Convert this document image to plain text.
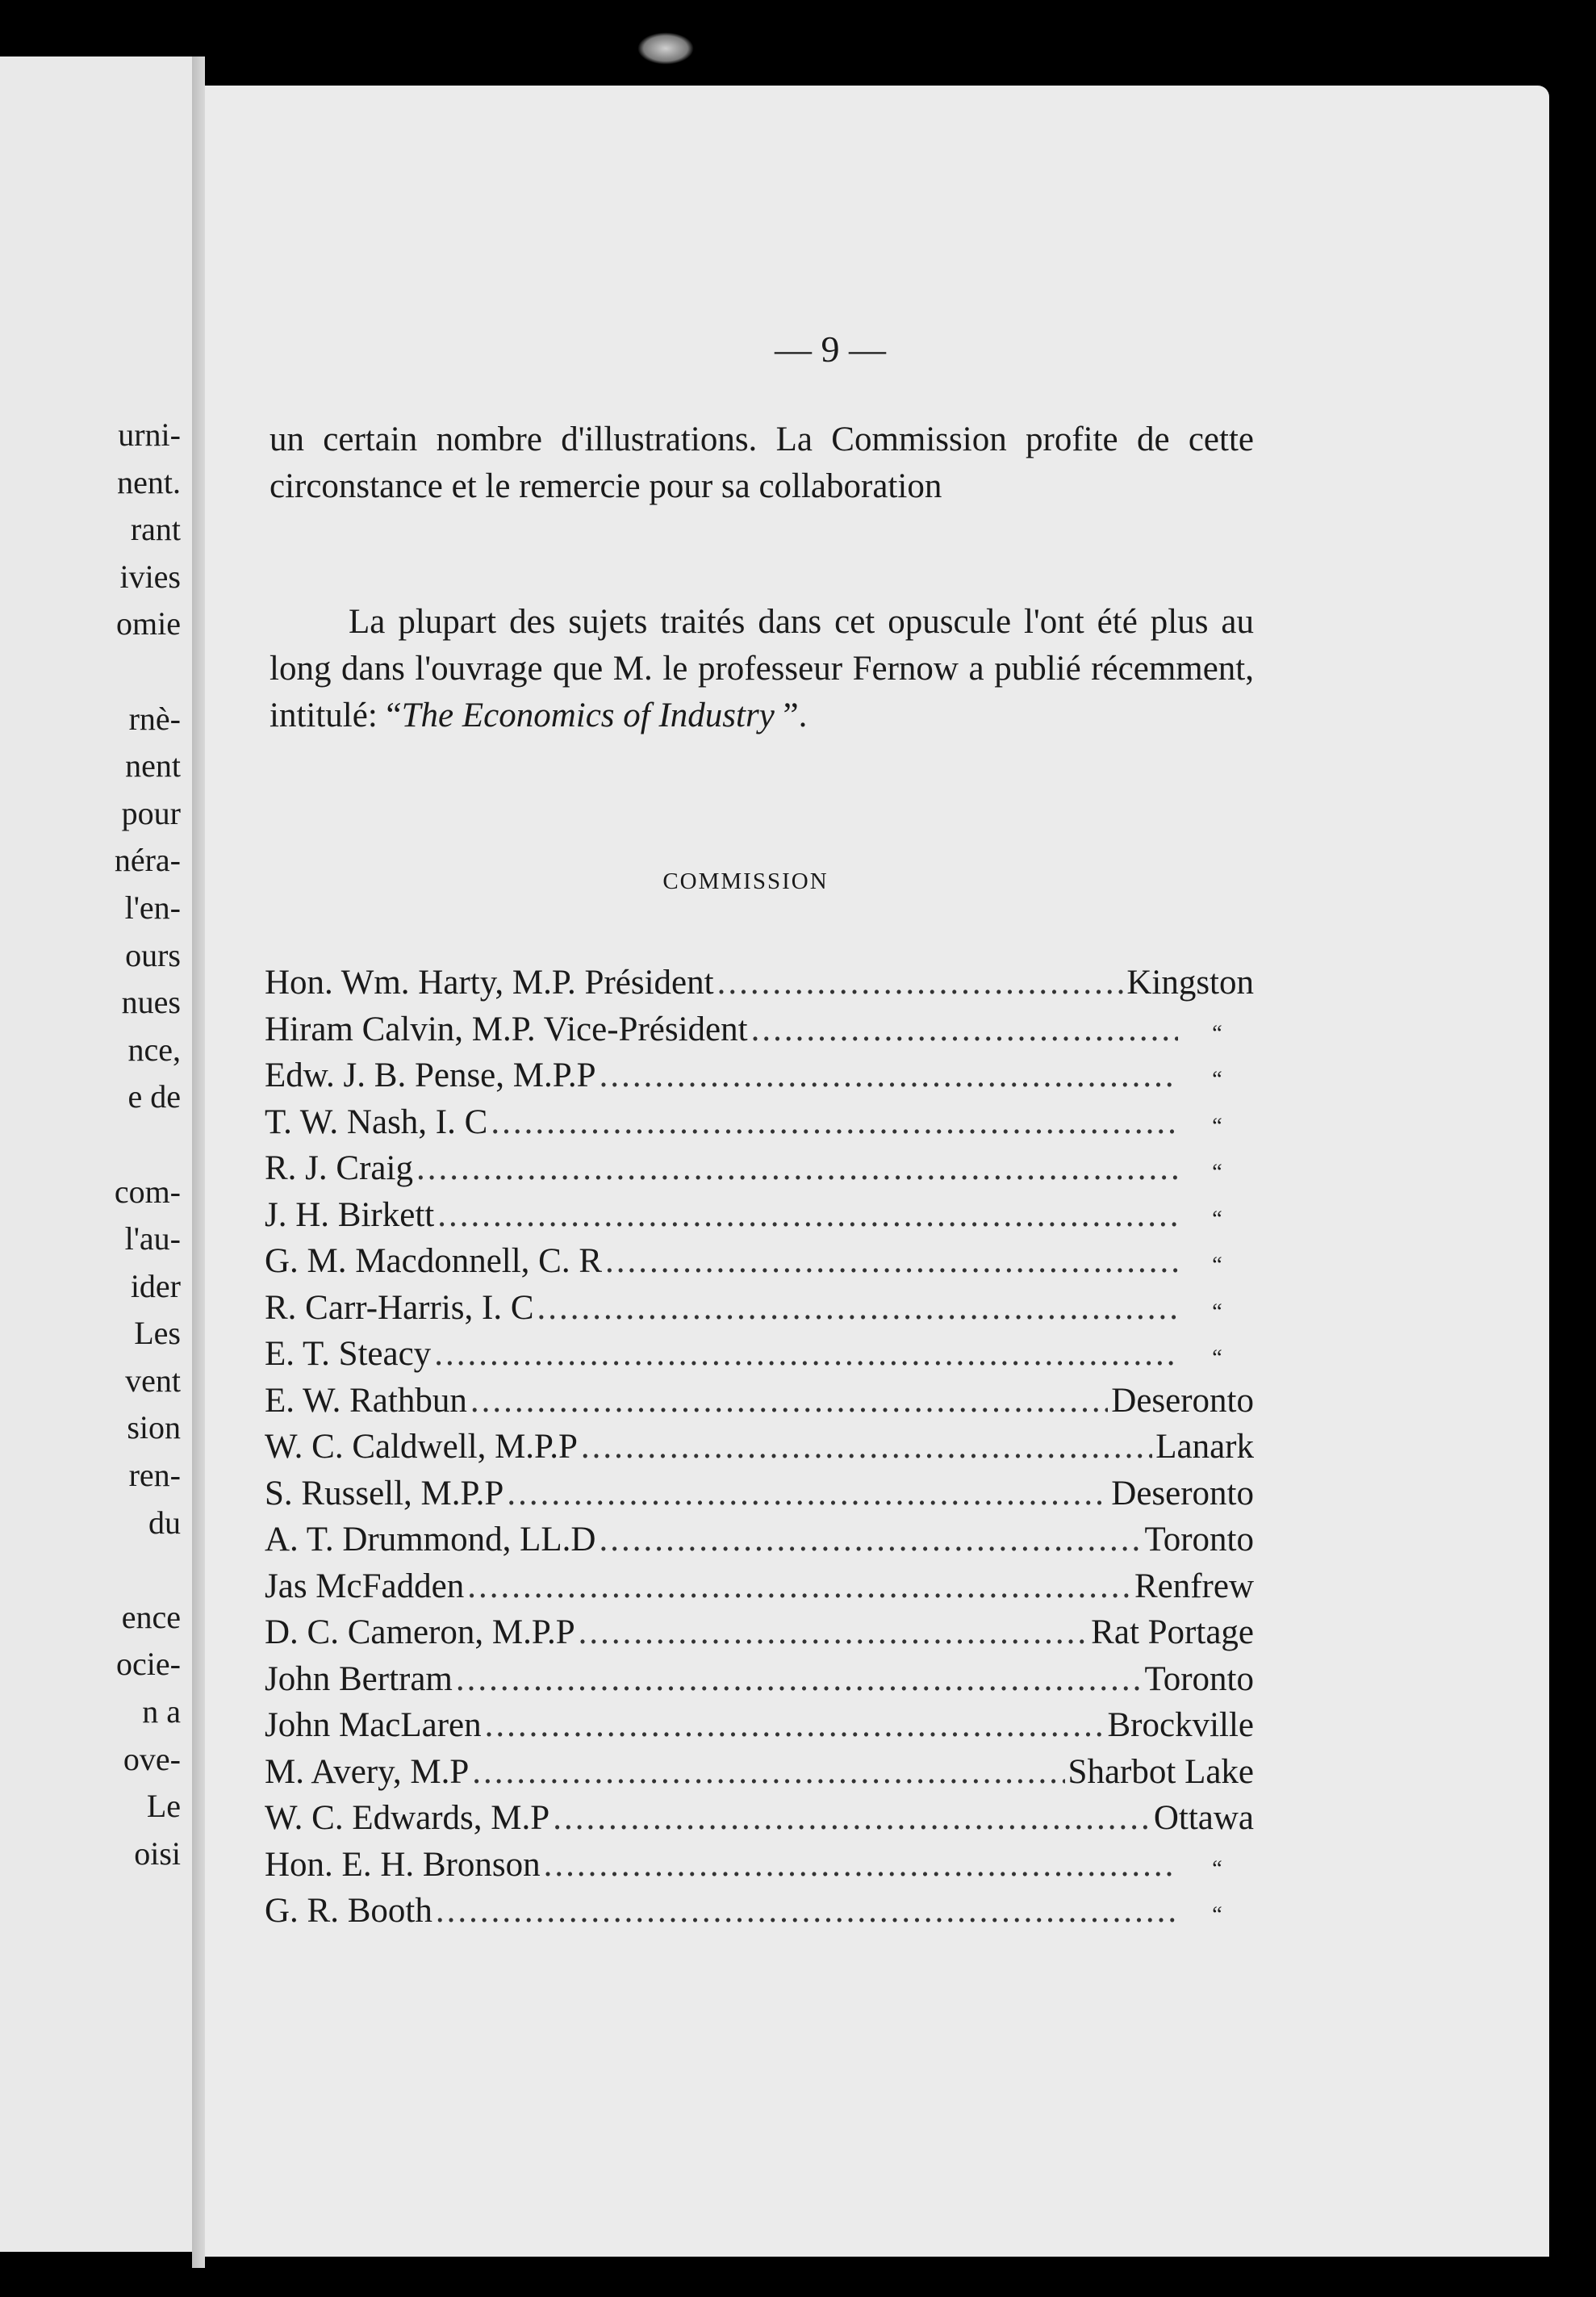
urni-
nent.
rant
ivies
omie
rnè-
nent
pour
néra-
l'en-
ours
nues
nce,
e de
com-
l'au-
ider
Les
vent
sion
ren-
du
ence
ocie-
n a
ove-
Le
oisi
— 9 —
un certain nombre d'illustrations. La Commission profite de cette circonstance et le remercie pour sa collaboration
La plupart des sujets traités dans cet opuscule l'ont été plus au long dans l'ouvrage que M. le professeur Fernow a publié récemment, intitulé: “The Economics of Industry ”.
COMMISSION
Hon. Wm. Harty, M.P. Président .....	Kingston
Hiram Calvin, M.P. Vice-Président .....	“
Edw. J. B. Pense, M.P.P .....	“
T. W. Nash, I. C .....	“
R. J. Craig .....	“
J. H. Birkett .....	“
G. M. Macdonnell, C. R .....	“
R. Carr-Harris, I. C .....	“
E. T. Steacy .....	“
E. W. Rathbun .....	Deseronto
W. C. Caldwell, M.P.P .....	Lanark
S. Russell, M.P.P .....	Deseronto
A. T. Drummond, LL.D .....	Toronto
Jas McFadden .....	Renfrew
D. C. Cameron, M.P.P .....	Rat Portage
John Bertram .....	Toronto
John MacLaren .....	Brockville
M. Avery, M.P .....	Sharbot Lake
W. C. Edwards, M.P .....	Ottawa
Hon. E. H. Bronson .....	“
G. R. Booth .....	“
